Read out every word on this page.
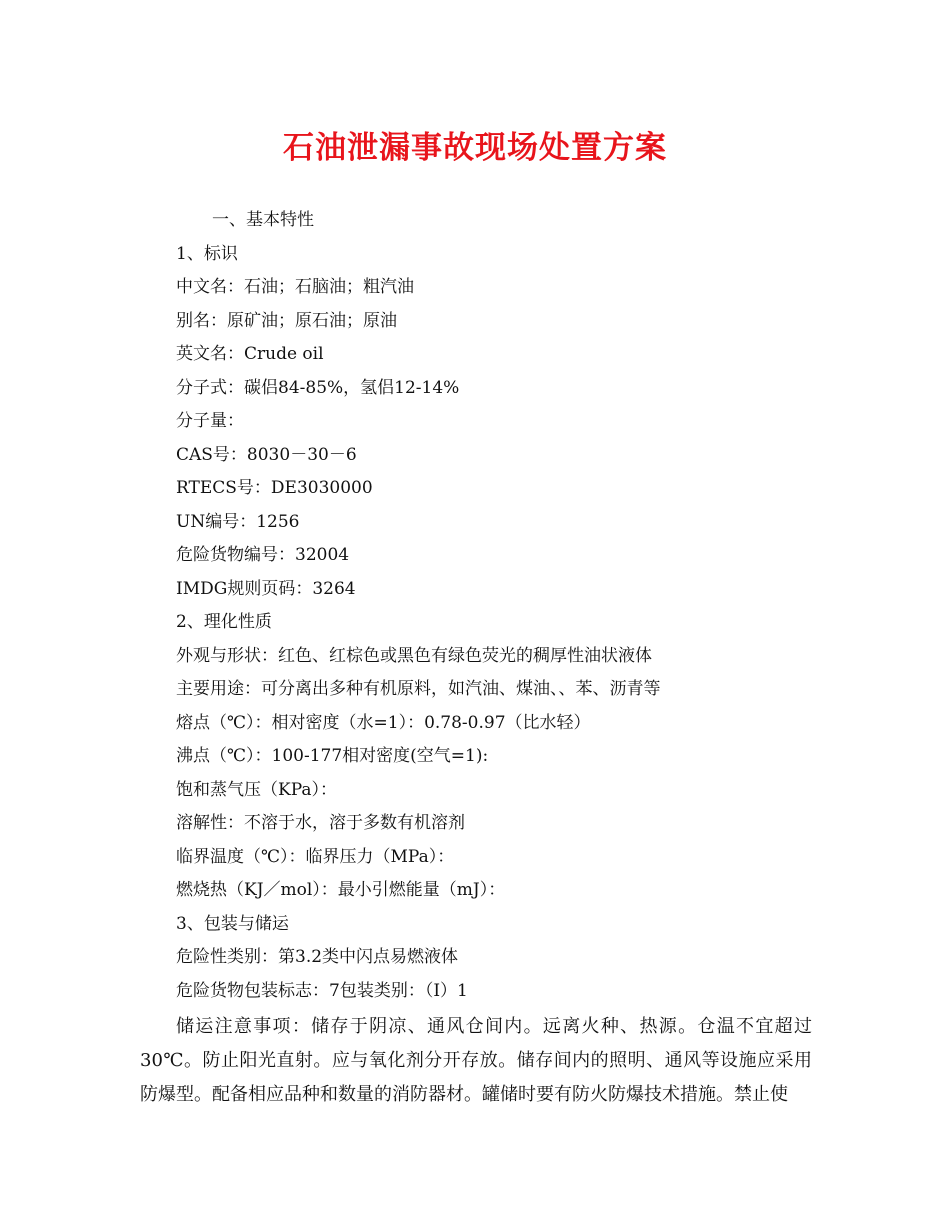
石油泄漏事故现场处置方案
一、基本特性
1、标识
中文名：石油；石脑油；粗汽油
别名：原矿油；原石油；原油
英文名：Crude oil
分子式：碳侣84-85%，氢侣12-14%
分子量：
CAS号：8030－30－6
RTECS号：DE3030000
UN编号：1256
危险货物编号：32004
IMDG规则页码：3264
2、理化性质
外观与形状：红色、红棕色或黑色有绿色荧光的稠厚性油状液体
主要用途：可分离出多种有机原料，如汽油、煤油、、苯、沥青等
熔点（℃）：相对密度（水=1）：0.78-0.97（比水轻）
沸点（℃）：100-177相对密度(空气=1):
饱和蒸气压（KPa）：
溶解性：不溶于水，溶于多数有机溶剂
临界温度（℃）：临界压力（MPa）：
燃烧热（KJ／mol）：最小引燃能量（mJ）：
3、包装与储运
危险性类别：第3.2类中闪点易燃液体
危险货物包装标志：7包装类别：（I）1
储运注意事项：储存于阴凉、通风仓间内。远离火种、热源。仓温不宜超过30℃。防止阳光直射。应与氧化剂分开存放。储存间内的照明、通风等设施应采用防爆型。配备相应品种和数量的消防器材。罐储时要有防火防爆技术措施。禁止使
